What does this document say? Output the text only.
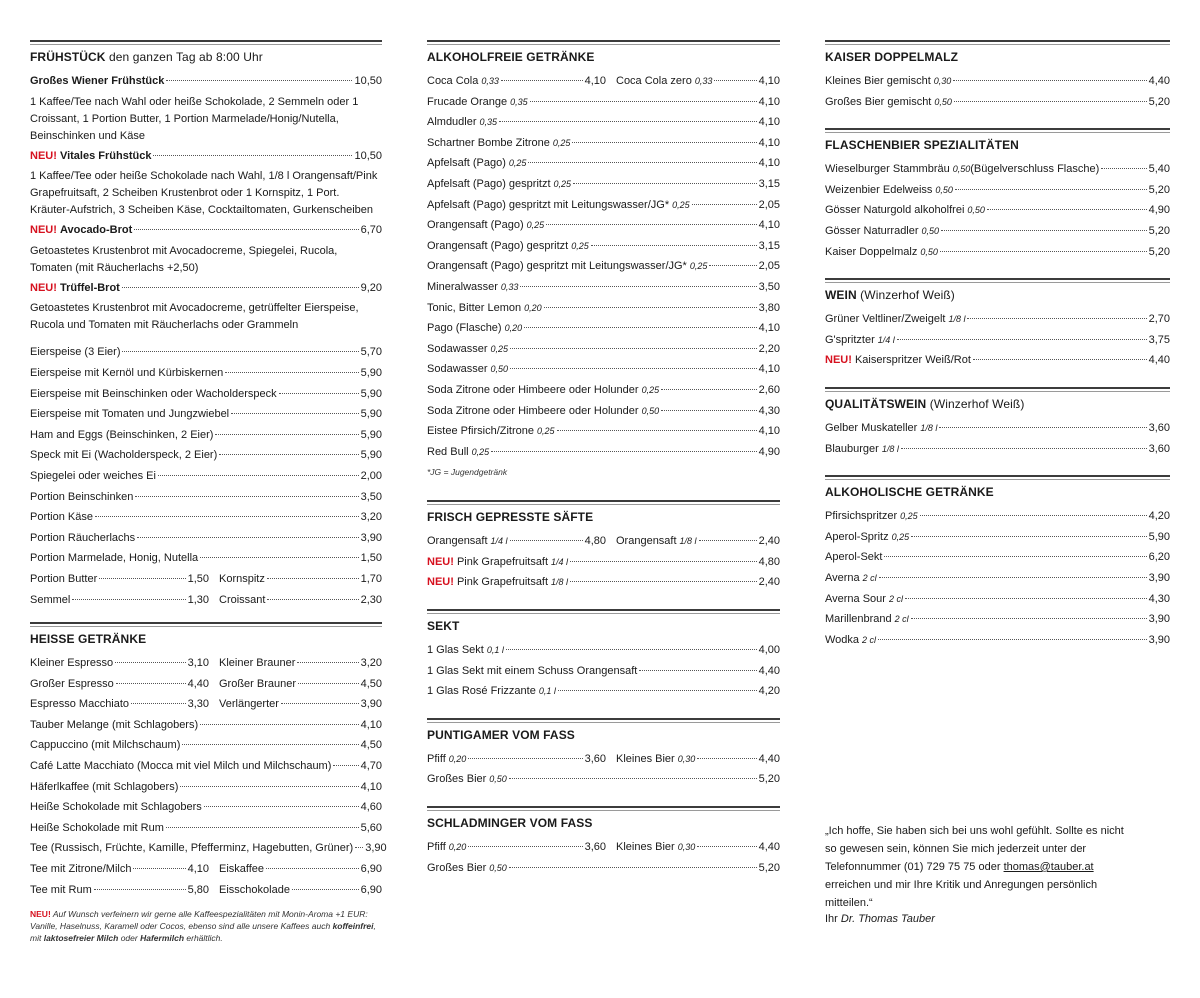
FRÜHSTÜCK den ganzen Tag ab 8:00 Uhr
Großes Wiener Frühstück	10,50
1 Kaffee/Tee nach Wahl oder heiße Schokolade, 2 Semmeln oder 1 Croissant, 1 Portion Butter, 1 Portion Marmelade/Honig/Nutella, Beinschinken und Käse
NEU!
Vitales Frühstück	10,50
1 Kaffee/Tee oder heiße Schokolade nach Wahl, 1/8 l Orangensaft/Pink Grapefruitsaft, 2 Scheiben Krustenbrot oder 1 Kornspitz, 1 Port. Kräuter-Aufstrich, 3 Scheiben Käse, Cocktailtomaten, Gurkenscheiben
NEU!
Avocado-Brot	6,70
Getoastetes Krustenbrot mit Avocadocreme, Spiegelei, Rucola, Tomaten (mit Räucherlachs +2,50)
NEU!
Trüffel-Brot	9,20
Getoastetes Krustenbrot mit Avocadocreme, getrüffelter Eierspeise, Rucola und Tomaten mit Räucherlachs oder Grammeln
Eierspeise (3 Eier)	5,70
Eierspeise mit Kernöl und Kürbiskernen	5,90
Eierspeise mit Beinschinken oder Wacholderspeck	5,90
Eierspeise mit Tomaten und Jungzwiebel	5,90
Ham and Eggs (Beinschinken, 2 Eier)	5,90
Speck mit Ei (Wacholderspeck, 2 Eier)	5,90
Spiegelei oder weiches Ei	2,00
Portion Beinschinken	3,50
Portion Käse	3,20
Portion Räucherlachs	3,90
Portion Marmelade, Honig, Nutella	1,50
Portion Butter	1,50 Kornspitz	1,70
Semmel	1,30 Croissant	2,30
HEISSE GETRÄNKE
Kleiner Espresso	3,10 Kleiner Brauner	3,20
Großer Espresso	4,40 Großer Brauner	4,50
Espresso Macchiato	3,30 Verlängerter	3,90
Tauber Melange (mit Schlagobers)	4,10
Cappuccino (mit Milchschaum)	4,50
Café Latte Macchiato (Mocca mit viel Milch und Milchschaum)	4,70
Häferlkaffee (mit Schlagobers)	4,10
Heiße Schokolade mit Schlagobers	4,60
Heiße Schokolade mit Rum	5,60
Tee (Russisch, Früchte, Kamille, Pfefferminz, Hagebutten, Grüner) 3,90
Tee mit Zitrone/Milch	4,10 Eiskaffee	6,90
Tee mit Rum	5,80 Eisschokolade	6,90
NEU! Auf Wunsch verfeinern wir gerne alle Kaffeespezialitäten mit Monin-Aroma +1 EUR: Vanille, Haselnuss, Karamell oder Cocos, ebenso sind alle unsere Kaffees auch koffeinfrei, mit laktosefreier Milch oder Hafermilch erhältlich.
ALKOHOLFREIE GETRÄNKE
Coca Cola 0,33	4,10 Coca Cola zero 0,33	4,10
Frucade Orange 0,35	4,10
Almdudler 0,35	4,10
Schartner Bombe Zitrone 0,25	4,10
Apfelsaft (Pago) 0,25	4,10
Apfelsaft (Pago) gespritzt 0,25	3,15
Apfelsaft (Pago) gespritzt mit Leitungswasser/JG* 0,25	2,05
Orangensaft (Pago) 0,25	4,10
Orangensaft (Pago) gespritzt 0,25	3,15
Orangensaft (Pago) gespritzt mit Leitungswasser/JG* 0,25	2,05
Mineralwasser 0,33	3,50
Tonic, Bitter Lemon 0,20	3,80
Pago (Flasche) 0,20	4,10
Sodawasser 0,25	2,20
Sodawasser 0,50	4,10
Soda Zitrone oder Himbeere oder Holunder 0,25	2,60
Soda Zitrone oder Himbeere oder Holunder 0,50	4,30
Eistee Pfirsich/Zitrone 0,25	4,10
Red Bull 0,25	4,90
*JG = Jugendgetränk
FRISCH GEPRESSTE SÄFTE
Orangensaft 1/4 l	4,80 Orangensaft 1/8 l	2,40
NEU!
Pink Grapefruitsaft 1/4 l	4,80
NEU!
Pink Grapefruitsaft 1/8 l	2,40
SEKT
1 Glas Sekt 0,1 l	4,00
1 Glas Sekt mit einem Schuss Orangensaft	4,40
1 Glas Rosé Frizzante 0,1 l	4,20
PUNTIGAMER VOM FASS
Pfiff 0,20	3,60 Kleines Bier 0,30	4,40
Großes Bier 0,50	5,20
SCHLADMINGER VOM FASS
Pfiff 0,20	3,60 Kleines Bier 0,30	4,40
Großes Bier 0,50	5,20
KAISER DOPPELMALZ
Kleines Bier gemischt 0,30	4,40
Großes Bier gemischt 0,50	5,20
FLASCHENBIER SPEZIALITÄTEN
Wieselburger Stammbräu 0,50 (Bügelverschluss Flasche)	5,40
Weizenbier Edelweiss 0,50	5,20
Gösser Naturgold alkoholfrei 0,50	4,90
Gösser Naturradler 0,50	5,20
Kaiser Doppelmalz 0,50	5,20
WEIN (Winzerhof Weiß)
Grüner Veltliner/Zweigelt 1/8 l	2,70
G'spritzter 1/4 l	3,75
NEU!
Kaiserspritzer Weiß/Rot	4,40
QUALITÄTSWEIN (Winzerhof Weiß)
Gelber Muskateller 1/8 l	3,60
Blauburger 1/8 l	3,60
ALKOHOLISCHE GETRÄNKE
Pfirsichspritzer 0,25	4,20
Aperol-Spritz 0,25	5,90
Aperol-Sekt	6,20
Averna 2 cl	3,90
Averna Sour 2 cl	4,30
Marillenbrand 2 cl	3,90
Wodka 2 cl	3,90
„Ich hoffe, Sie haben sich bei uns wohl gefühlt. Sollte es nicht so gewesen sein, können Sie mich jederzeit unter der Telefonnummer (01) 729 75 75 oder thomas@tauber.at erreichen und mir Ihre Kritik und Anregungen persönlich mitteilen.“
Ihr Dr. Thomas Tauber
